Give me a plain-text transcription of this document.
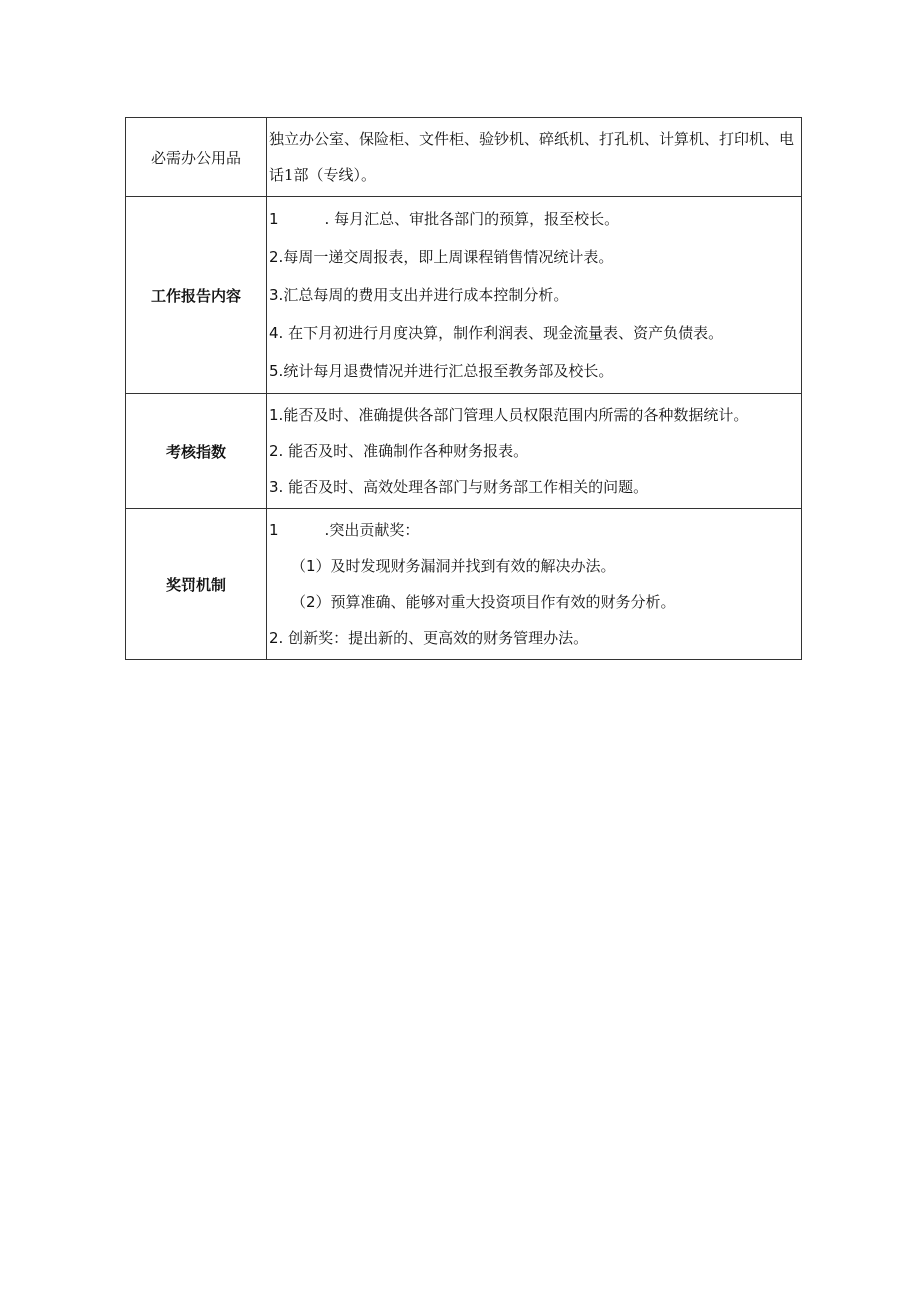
必需办公用品	独立办公室、保险柜、文件柜、验钞机、碎纸机、打孔机、计算机、打印机、电话1部（专线）。

工作报告内容	1 . 每月汇总、审批各部门的预算，报至校长。
2.每周一递交周报表，即上周课程销售情况统计表。
3.汇总每周的费用支出并进行成本控制分析。
4. 在下月初进行月度决算，制作利润表、现金流量表、资产负债表。
5.统计每月退费情况并进行汇总报至教务部及校长。

考核指数	1.能否及时、准确提供各部门管理人员权限范围内所需的各种数据统计。
2. 能否及时、准确制作各种财务报表。
3. 能否及时、高效处理各部门与财务部工作相关的问题。

奖罚机制	1 .突出贡献奖：
（1）及时发现财务漏洞并找到有效的解决办法。
（2）预算准确、能够对重大投资项目作有效的财务分析。
2. 创新奖：提出新的、更高效的财务管理办法。
